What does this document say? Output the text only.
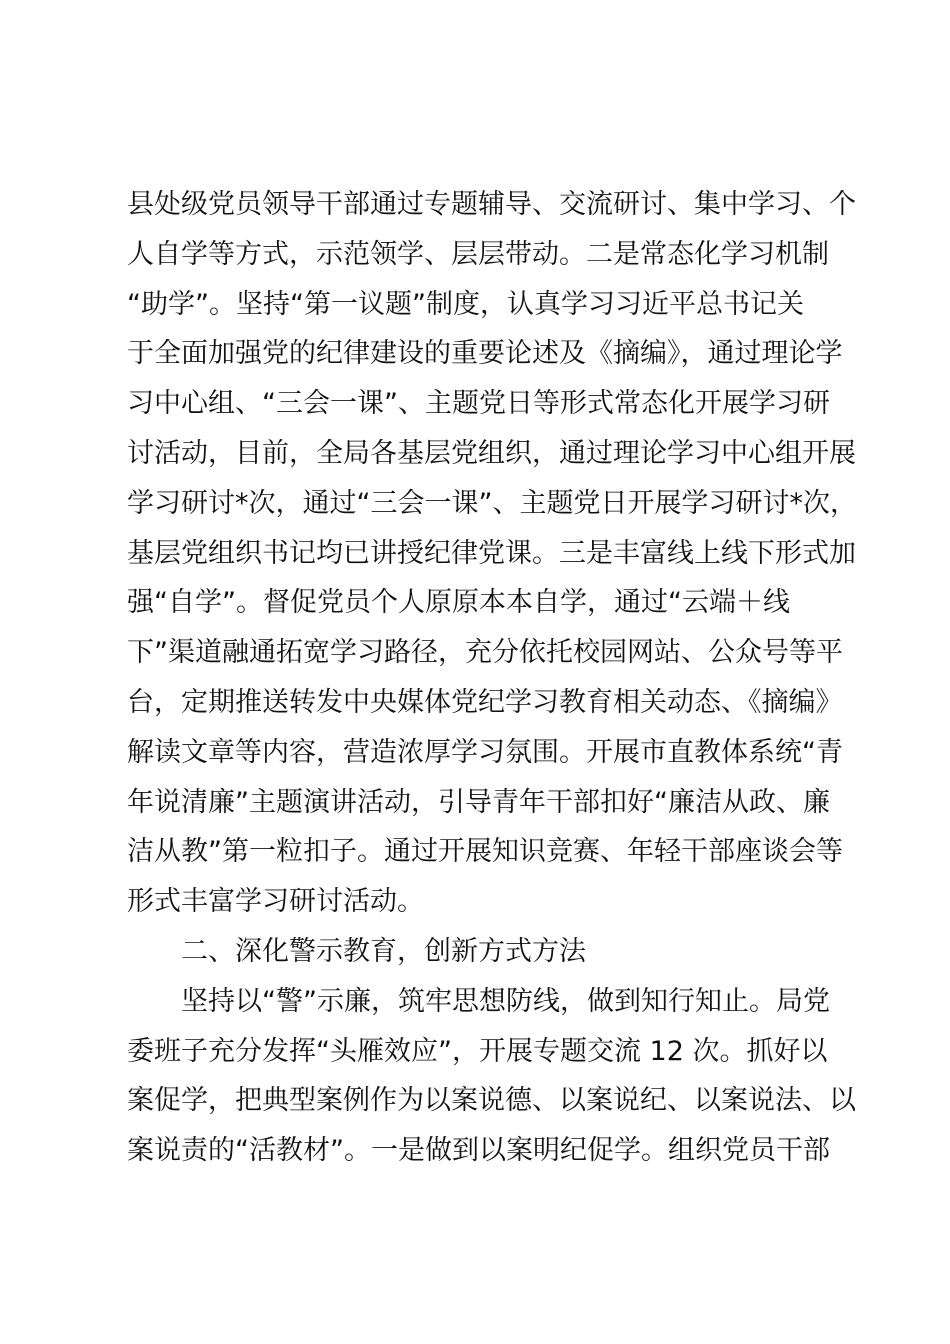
县处级党员领导干部通过专题辅导、交流研讨、集中学习、个
人自学等方式，示范领学、层层带动。二是常态化学习机制
“助学”。坚持“第一议题”制度，认真学习习近平总书记关
于全面加强党的纪律建设的重要论述及《摘编》，通过理论学
习中心组、“三会一课”、主题党日等形式常态化开展学习研
讨活动，目前，全局各基层党组织，通过理论学习中心组开展
学习研讨*次，通过“三会一课”、主题党日开展学习研讨*次，
基层党组织书记均已讲授纪律党课。三是丰富线上线下形式加
强“自学”。督促党员个人原原本本自学，通过“云端＋线
下”渠道融通拓宽学习路径，充分依托校园网站、公众号等平
台，定期推送转发中央媒体党纪学习教育相关动态、《摘编》
解读文章等内容，营造浓厚学习氛围。开展市直教体系统“青
年说清廉”主题演讲活动，引导青年干部扣好“廉洁从政、廉
洁从教”第一粒扣子。通过开展知识竞赛、年轻干部座谈会等
形式丰富学习研讨活动。
二、深化警示教育，创新方式方法
坚持以“警”示廉，筑牢思想防线，做到知行知止。局党
委班子充分发挥“头雁效应”，开展专题交流 12 次。抓好以
案促学，把典型案例作为以案说德、以案说纪、以案说法、以
案说责的“活教材”。一是做到以案明纪促学。组织党员干部
